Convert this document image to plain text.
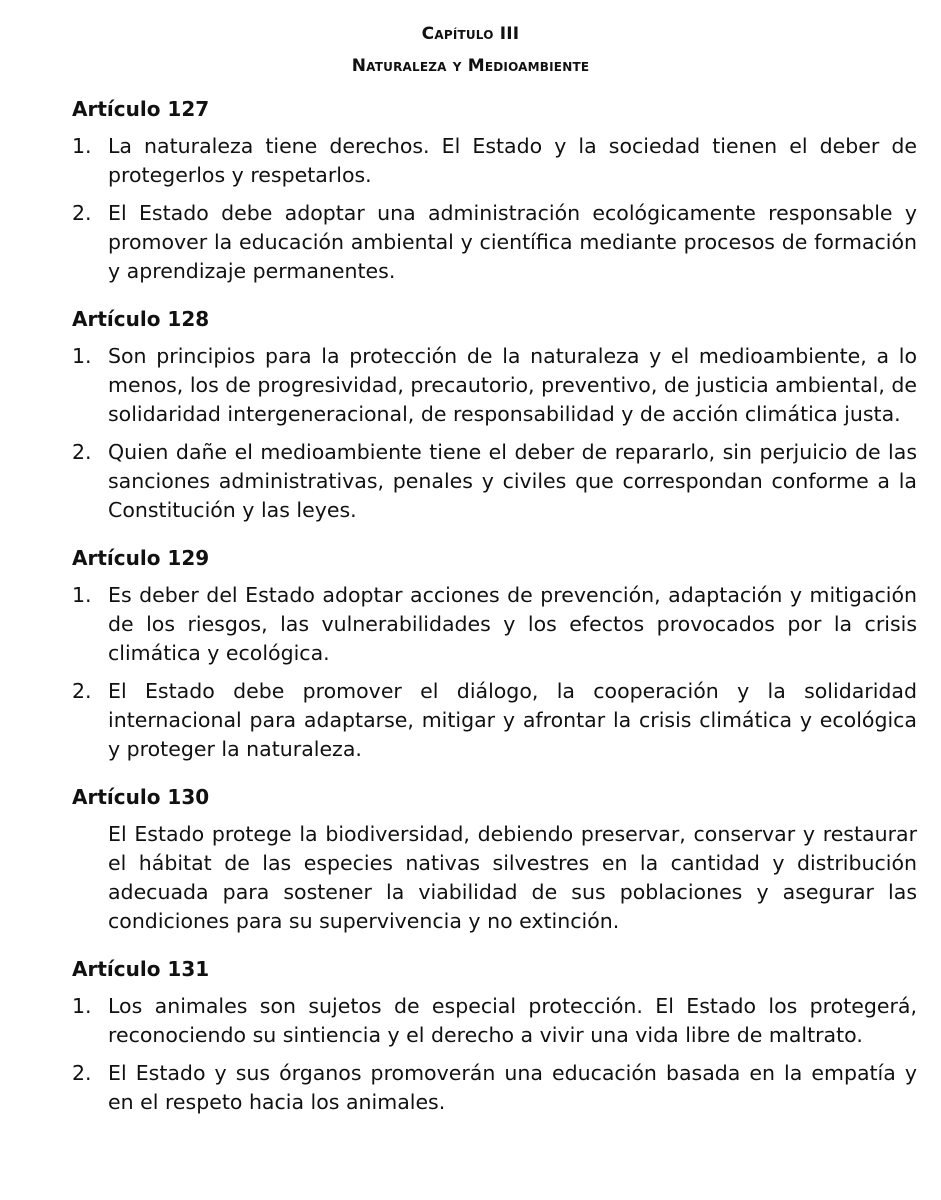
Capítulo III
Naturaleza y Medioambiente
Artículo 127
1. La naturaleza tiene derechos. El Estado y la sociedad tienen el deber de protegerlos y respetarlos.
2. El Estado debe adoptar una administración ecológicamente responsable y promover la educación ambiental y científica mediante procesos de formación y aprendizaje permanentes.
Artículo 128
1. Son principios para la protección de la naturaleza y el medioambiente, a lo menos, los de progresividad, precautorio, preventivo, de justicia ambiental, de solidaridad intergeneracional, de responsabilidad y de acción climática justa.
2. Quien dañe el medioambiente tiene el deber de repararlo, sin perjuicio de las sanciones administrativas, penales y civiles que correspondan conforme a la Constitución y las leyes.
Artículo 129
1. Es deber del Estado adoptar acciones de prevención, adaptación y mitigación de los riesgos, las vulnerabilidades y los efectos provocados por la crisis climática y ecológica.
2. El Estado debe promover el diálogo, la cooperación y la solidaridad internacional para adaptarse, mitigar y afrontar la crisis climática y ecológica y proteger la naturaleza.
Artículo 130
El Estado protege la biodiversidad, debiendo preservar, conservar y restaurar el hábitat de las especies nativas silvestres en la cantidad y distribución adecuada para sostener la viabilidad de sus poblaciones y asegurar las condiciones para su supervivencia y no extinción.
Artículo 131
1. Los animales son sujetos de especial protección. El Estado los protegerá, reconociendo su sintiencia y el derecho a vivir una vida libre de maltrato.
2. El Estado y sus órganos promoverán una educación basada en la empatía y en el respeto hacia los animales.
